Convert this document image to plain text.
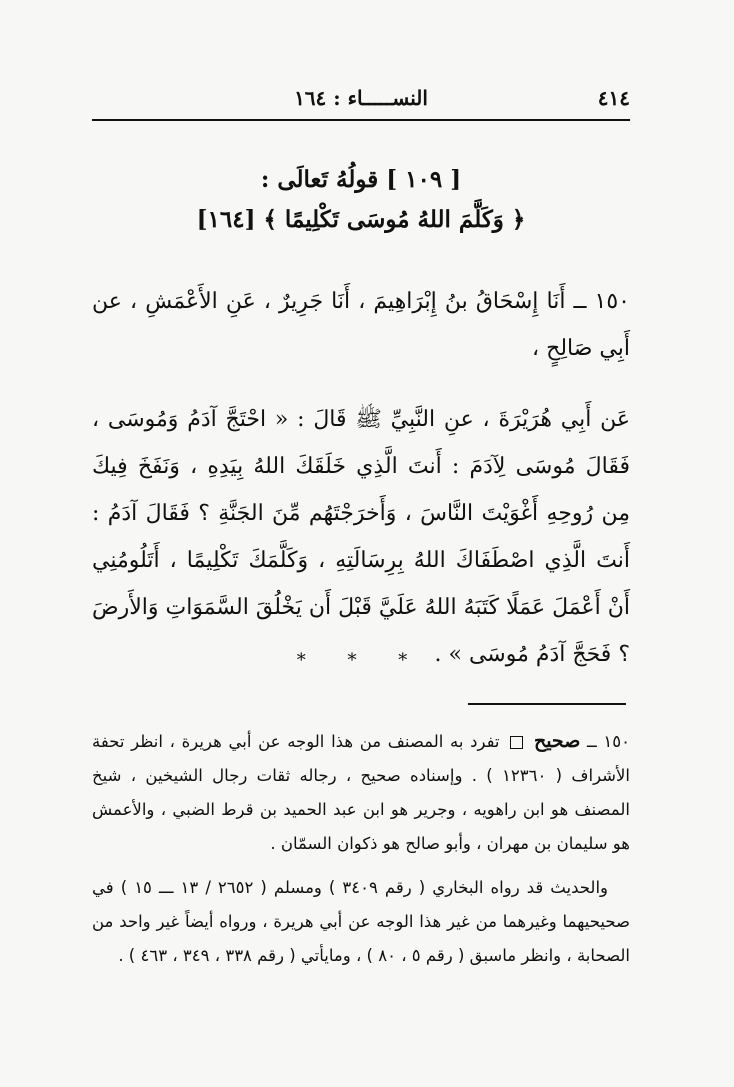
٤١٤
النســـــاء : ١٦٤
[ ١٠٩ ] قولُهُ تَعالَى :
﴿ وَكَلَّمَ اللهُ مُوسَى تَكْلِيمًا ﴾ [١٦٤]

١٥٠ ــ أَنَا إِسْحَاقُ بنُ إِبْرَاهِيمَ ، أَنَا جَرِيرٌ ، عَنِ الأَعْمَشِ ، عن أَبِي صَالِحٍ ،

عَن أَبِي هُرَيْرَةَ ، عنِ النَّبِيِّ ﷺ قَالَ : « احْتَجَّ آدَمُ وَمُوسَى ، فَقَالَ مُوسَى لِآدَمَ : أَنتَ الَّذِي خَلَقَكَ اللهُ بِيَدِهِ ، وَنَفَخَ فِيكَ مِن رُوحِهِ أَغْوَيْتَ النَّاسَ ، وَأَخرَجْتَهُم مِّنَ الجَنَّةِ ؟ فَقَالَ آدَمُ : أَنتَ الَّذِي اصْطَفَاكَ اللهُ بِرِسَالَتِهِ ، وَكَلَّمَكَ تَكْلِيمًا ، أَتَلُومُنِي أَنْ أَعْمَلَ عَمَلًا كَتَبَهُ اللهُ عَلَيَّ قَبْلَ أَن يَخْلُقَ السَّمَوَاتِ وَالأَرضَ ؟ فَحَجَّ آدَمُ مُوسَى » .

* * *

١٥٠ ــ صحيح  تفرد به المصنف من هذا الوجه عن أبي هريرة ، انظر تحفة الأشراف ( ١٢٣٦٠ ) . وإسناده صحيح ، رجاله ثقات رجال الشيخين ، شيخ المصنف هو ابن راهويه ، وجرير هو ابن عبد الحميد بن قرط الضبي ، والأعمش هو سليمان بن مهران ، وأبو صالح هو ذكوان السمّان .

والحديث قد رواه البخاري ( رقم ٣٤٠٩ ) ومسلم ( ٢٦٥٢ / ١٣ ـــ ١٥ ) في صحيحيهما وغيرهما من غير هذا الوجه عن أبي هريرة ، ورواه أيضاً غير واحد من الصحابة ، وانظر ماسبق ( رقم ٥ ، ٨٠ ) ، ومايأتي ( رقم ٣٣٨ ، ٣٤٩ ، ٤٦٣ ) .
